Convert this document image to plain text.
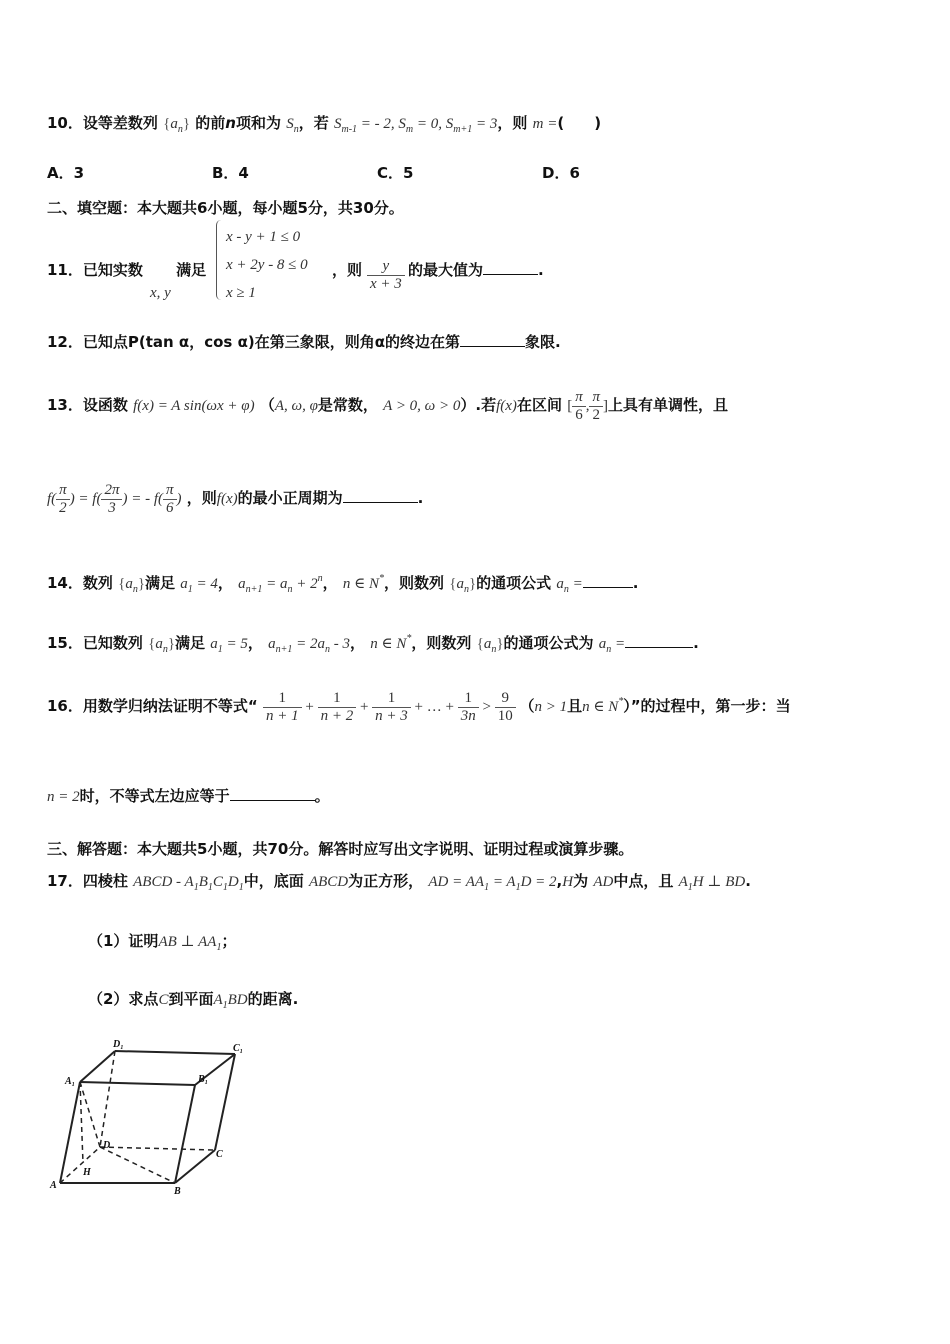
10．设等差数列 $\{a_n\}$ 的前n项和为 $S_n$，若 $S_{m-1}$ = - 2, $S_m = 0$, $S_{m+1} = 3$，则 m =(　　)
A．3	B．4	C．5	D．6
二、填空题：本大题共6小题，每小题5分，共30分。
11．已知实数 满足
x, y
x - y + 1 ≤ 0
x + 2y - 8 ≤ 0
x ≥ 1
，则 $\frac{y}{x + 3}$ 的最大值为	.
12．已知点P(tan α，cos α)在第三象限，则角α的终边在第	象限.
13．设函数 f(x) = A sin(ωx + φ) （A, ω, φ是常数， A > 0, ω > 0）.若f(x)在区间 [ $\frac{\pi}{6}$ , $\frac{\pi}{2}$ ]上具有单调性，且
$f( \frac{\pi}{2}$ ) = $f( \frac{2\pi}{3}$ ) = - $f( \frac{\pi}{6}$ ) ，则f(x)的最小正周期为	.
14．数列 $\{a_n\}$满足 $a_1 = 4$， $a_{n+1} = a_n + 2^n$， n ∈ N*，则数列 $\{a_n\}$的通项公式 $a_n$ =	.
15．已知数列 $\{a_n\}$满足 $a_1 = 5$， $a_{n+1} = 2a_n - 3$， n ∈ N*，则数列 $\{a_n\}$的通项公式为 $a_n$ =	.
16．用数学归纳法证明不等式“ $\frac{1}{n + 1} + \frac{1}{n + 2} + \frac{1}{n + 3}$ + … + $\frac{1}{3n} > \frac{9}{10} (n > 1$且n ∈ N*）”的过程中，第一步：当
n = 2时，不等式左边应等于	。
三、解答题：本大题共5小题，共70分。解答时应写出文字说明、证明过程或演算步骤。
17．四棱柱 ABCD - $A_1B_1C_1D_1$中，底面 ABCD为正方形， AD = $AA_1 = A_1D = 2,H$为 AD中点，且 $A_1H$ ⊥ BD.
（1）证明AB ⊥ $AA_1$；
（2）求点C到平面$A_1BD$的距离.
D₁	C₁
A₁	B₁
D
C
H
A
B
